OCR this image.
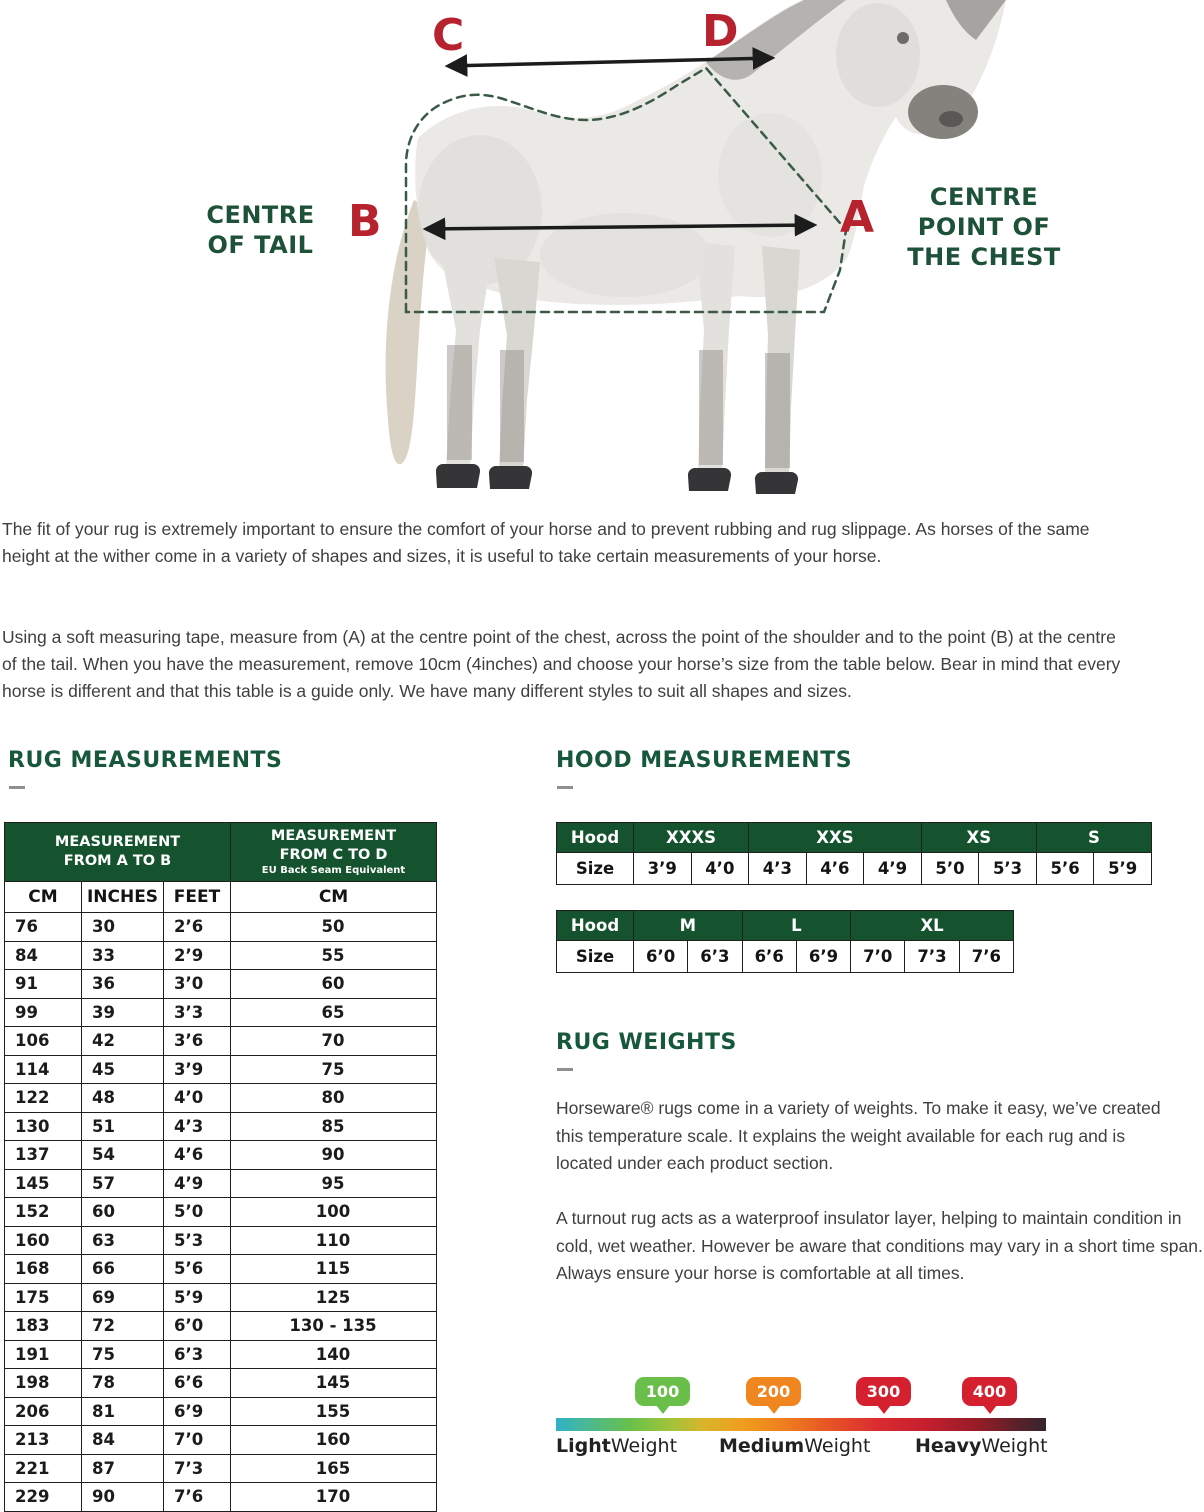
C	D
B	A
CENTRE
OF TAIL
CENTRE
POINT OF
THE CHEST

The fit of your rug is extremely important to ensure the comfort of your horse and to prevent rubbing and rug slippage. As horses of the same height at the wither come in a variety of shapes and sizes, it is useful to take certain measurements of your horse.

Using a soft measuring tape, measure from (A) at the centre point of the chest, across the point of the shoulder and to the point (B) at the centre of the tail. When you have the measurement, remove 10cm (4inches) and choose your horse’s size from the table below. Bear in mind that every horse is different and that this table is a guide only. We have many different styles to suit all shapes and sizes.

RUG MEASUREMENTS
MEASUREMENT
FROM A TO B

MEASUREMENT
FROM C TO D
EU Back Seam Equivalent

CM	INCHES	FEET	CM
76	30	2’6	50
84	33	2’9	55
91	36	3’0	60
99	39	3’3	65
106	42	3’6	70
114	45	3’9	75
122	48	4’0	80
130	51	4’3	85
137	54	4’6	90
145	57	4’9	95
152	60	5’0	100
160	63	5’3	110
168	66	5’6	115
175	69	5’9	125
183	72	6’0	130 - 135
191	75	6’3	140
198	78	6’6	145
206	81	6’9	155
213	84	7’0	160
221	87	7’3	165
229	90	7’6	170
HOOD MEASUREMENTS
Hood	XXXS		XXS			XS		S	
Size	3’9	4’0	4’3	4’6	4’9	5’0	5’3	5’6	5’9
Hood	M		L		XL		
Size	6’0	6’3	6’6	6’9	7’0	7’3	7’6
RUG WEIGHTS

Horseware® rugs come in a variety of weights. To make it easy, we’ve created this temperature scale. It explains the weight available for each rug and is located under each product section.

A turnout rug acts as a waterproof insulator layer, helping to maintain condition in cold, wet weather. However be aware that conditions may vary in a short time span. Always ensure your horse is comfortable at all times.

100	200	300	400
LightWeight MediumWeight HeavyWeight
